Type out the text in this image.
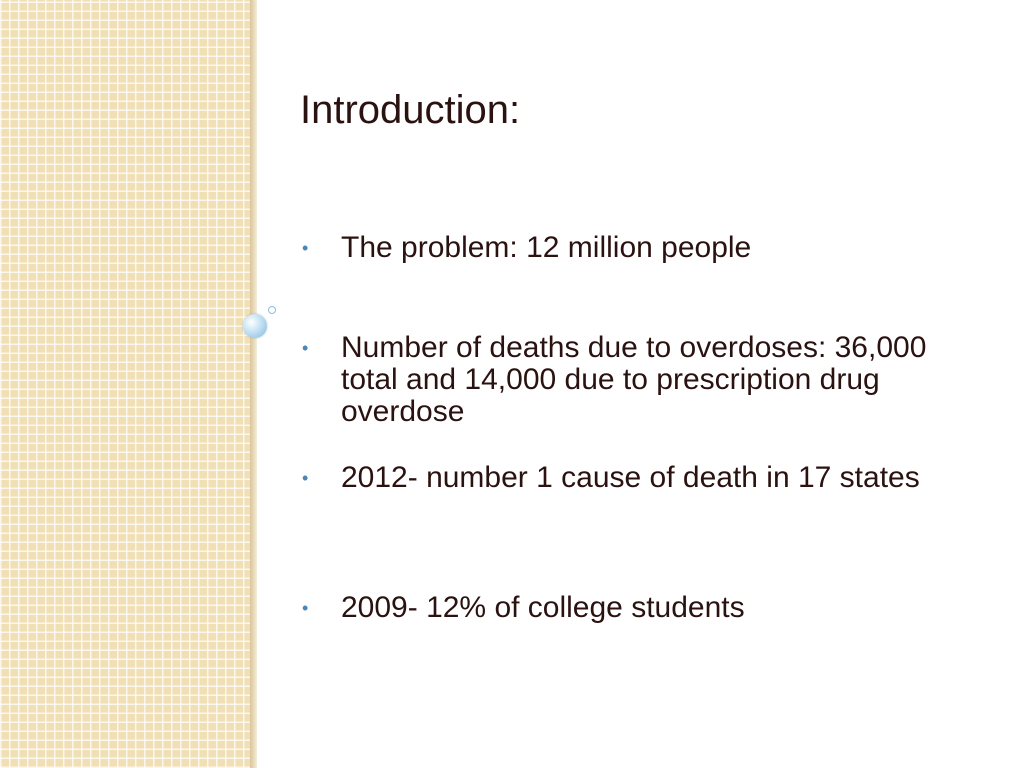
Introduction:
• The problem: 12 million people
• Number of deaths due to overdoses: 36,000 total and 14,000 due to prescription drug overdose
• 2012- number 1 cause of death in 17 states
• 2009- 12% of college students
